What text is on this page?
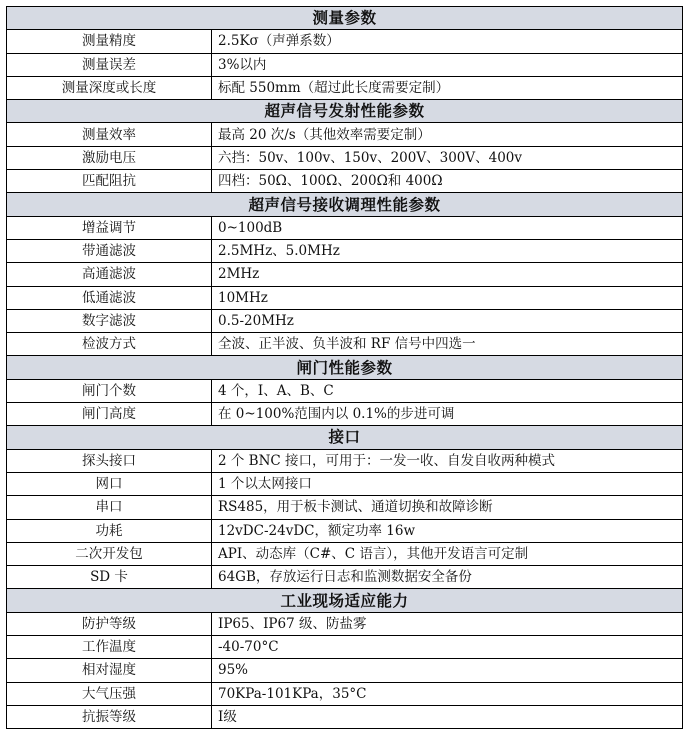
测量参数	
测量精度	2.5Kσ（声弹系数）
测量误差	3%以内
测量深度或长度	标配 550mm（超过此长度需要定制）
超声信号发射性能参数	
测量效率	最高 20 次/s（其他效率需要定制）
激励电压	六挡：50v、100v、150v、200V、300V、400v
匹配阻抗	四档：50Ω、100Ω、200Ω和 400Ω
超声信号接收调理性能参数	
增益调节	0~100dB
带通滤波	2.5MHz、5.0MHz
高通滤波	2MHz
低通滤波	10MHz
数字滤波	0.5-20MHz
检波方式	全波、正半波、负半波和 RF 信号中四选一
闸门性能参数	
闸门个数	4 个，I、A、B、C
闸门高度	在 0~100%范围内以 0.1%的步进可调
接口	
探头接口	2 个 BNC 接口，可用于：一发一收、自发自收两种模式
网口	1 个以太网接口
串口	RS485，用于板卡测试、通道切换和故障诊断
功耗	12vDC-24vDC，额定功率 16w
二次开发包	API、动态库（C#、C 语言），其他开发语言可定制
SD 卡	64GB，存放运行日志和监测数据安全备份
工业现场适应能力	
防护等级	IP65、IP67 级、防盐雾
工作温度	-40-70°C
相对湿度	95%
大气压强	70KPa-101KPa，35°C
抗振等级	I级
